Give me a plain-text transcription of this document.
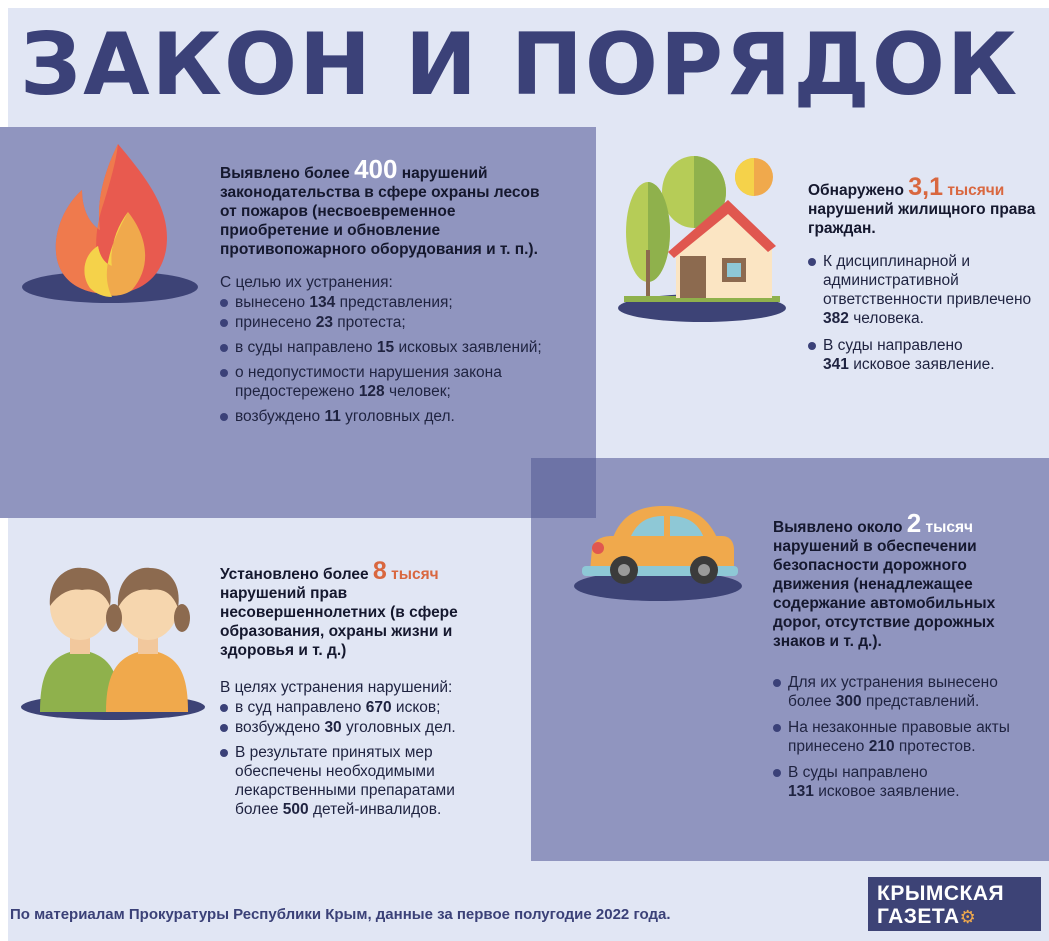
ЗАКОН И ПОРЯДОК

Выявлено более 400 нарушений законодательства в сфере охраны лесов от пожаров (несвоевременное приобретение и обновление противопожарного оборудования и т. п.).

С целью их устранения:

вынесено 134 представления;
принесено 23 протеста;
в суды направлено 15 исковых заявлений;
о недопустимости нарушения закона предостережено 128 человек;
возбуждено 11 уголовных дел.

Обнаружено 3,1 тысячи нарушений жилищного права граждан.

К дисциплинарной и административной ответственности привлечено
382 человека.
В суды направлено
341 исковое заявление.

Установлено более 8 тысяч нарушений прав несовершеннолетних (в сфере образования, охраны жизни и здоровья и т. д.)

В целях устранения нарушений:

в суд направлено 670 исков;
возбуждено 30 уголовных дел.
В результате принятых мер обеспечены необходимыми лекарственными препаратами более 500 детей-инвалидов.

Выявлено около 2 тысяч нарушений в обеспечении безопасности дорожного движения (ненадлежащее содержание автомобильных дорог, отсутствие дорожных знаков и т. д.).

Для их устранения вынесено более 300 представлений.
На незаконные правовые акты принесено 210 протестов.
В суды направлено
131 исковое заявление.

По материалам Прокуратуры Республики Крым, данные за первое полугодие 2022 года.

КРЫМСКАЯ
ГАЗЕТА⚙
